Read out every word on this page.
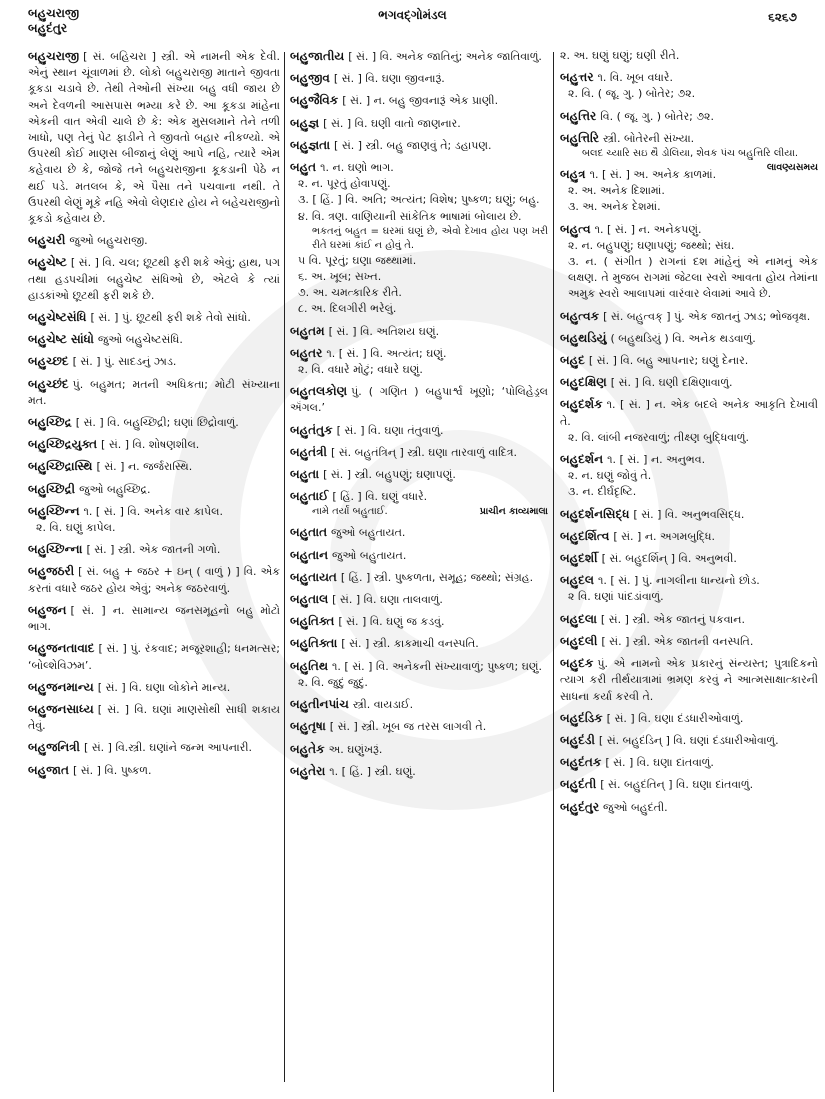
બહુચરાજી
બહુદંતુર
ભગવદ્ગોમંડલ	૬૨૬૭
બહુચરાજી [ સં. બહિચરા ] સ્ત્રી. એ નામની એક દેવી. એનું સ્થાન ચૂંવાળમાં છે. લોકો બહુચરાજી માતાને જીવતા કૂકડા ચડાવે છે. તેથી તેઓની સંખ્યા બહુ વધી જાય છે અને દેવળની આસપાસ ભમ્યા કરે છે. આ કૂકડા માંહેના એકની વાત એવી ચાલે છે કે: એક મુસલમાને તેને તળી ખાધો, પણ તેનું પેટ ફાડીને તે જીવતો બહાર નીકળ્યો. એ ઉપરથી કોઈ માણસ બીજાનું લેણું આપે નહિ, ત્યારે એમ કહેવાય છે કે, જોજે તને બહુચરાજીના કૂકડાની પેઠે ન થઈ પડે. મતલબ કે, એ પૈસા તને પચવાના નથી. તે ઉપરથી લેણું મૂકે નહિ એવો લેણદાર હોય ને બહેચરાજીનો કૂકડો કહેવાય છે.
બહુચરી જુઓ બહુચરાજી.
બહુચેષ્ટ [ સં. ] વિ. ચલ; છૂટથી ફરી શકે એવું; હાથ, પગ તથા હડપચીમાં બહુચેષ્ટ સંધિઓ છે, એટલે કે ત્યાં હાડકાંઓ છૂટથી ફરી શકે છે.
બહુચેષ્ટસંધિ [ સં. ] પું. છૂટથી ફરી શકે તેવો સાંધો.
બહુચેષ્ટ સાંધો જુઓ બહુચેષ્ટસંધિ.
બહુચ્છદ [ સં. ] પું. સાદડનું ઝાડ.
બહુચ્છંદ પું. બહુમત; મતની અધિકતા; મોટી સંખ્યાના મત.
બહુચ્છિદ્ર [ સં. ] વિ. બહુચ્છિદ્રી; ઘણાં છિદ્રોવાળું.
બહુચ્છિદ્રયુક્ત [ સં. ] વિ. શોષણશીલ.
બહુચ્છિદ્રાસ્થિ [ સં. ] ન. જર્જરાસ્થિ.
બહુચ્છિદ્રી જુઓ બહુચ્છિદ્ર.
બહુચ્છિન્ન ૧. [ સં. ] વિ. અનેક વાર કાપેલ.
૨. વિ. ઘણું કાપેલ.
બહુચ્છિન્ના [ સં. ] સ્ત્રી. એક જાતની ગળો.
બહુજઠરી [ સં. બહુ + જઠર + ઇન્ ( વાળું ) ] વિ. એક કરતાં વધારે જઠર હોય એવું; અનેક જઠરવાળું.
બહુજન [ સં. ] ન. સામાન્ય જનસમૂહનો બહુ મોટો ભાગ.
બહુજનતાવાદ [ સં. ] પું. રંકવાદ; મજૂરશાહી; ધનમત્સર; ‘બોલ્શેવિઝમ’.
બહુજનમાન્ય [ સં. ] વિ. ઘણા લોકોને માન્ય.
બહુજનસાધ્ય [ સં. ] વિ. ઘણાં માણસોથી સાધી શકાય તેવું.
બહુજનિત્રી [ સં. ] વિ.સ્ત્રી. ઘણાંને જન્મ આપનારી.
બહુજાત [ સં. ] વિ. પુષ્કળ.
બહુજાતીય [ સં. ] વિ. અનેક જાતિનું; અનેક જાતિવાળું.
બહુજીવ [ સં. ] વિ. ઘણા જીવનારૂં.
બહુજૈવિક [ સં. ] ન. બહુ જીવનારૂં એક પ્રાણી.
બહુજ્ઞ [ સં. ] વિ. ઘણી વાતો જાણનાર.
બહુજ્ઞતા [ સં. ] સ્ત્રી. બહુ જાણવું તે; ડહાપણ.
બહુત ૧. ન. ઘણો ભાગ.
૨. ન. પૂરતું હોવાપણું.
૩. [ હિં. ] વિ. અતિ; અત્યંત; વિશેષ; પુષ્કળ; ઘણું; બહુ.
૪. વિ. ત્રણ. વાણિયાની સાંકેતિક ભાષામાં બોલાય છે.
ભકતનું બહુત = ઘરમાં ઘણું છે, એવો દેખાવ હોય પણ ખરી રીતે ઘરમાં કાંઈ ન હોવું તે.
૫ વિ. પૂરતું; ઘણા જથ્થામાં.
૬. અ. ખૂબ; સખ્ત.
૭. અ. ચમત્કારિક રીતે.
૮. અ. દિલગીરી ભરેલું.
બહુતમ [ સં. ] વિ. અતિશય ઘણું.
બહુતર ૧. [ સં. ] વિ. અત્યંત; ઘણું.
૨. વિ. વધારે મોટું; વધારે ઘણું.
બહુતલકોણ પું. ( ગણિત ) બહુપાર્શ્વ ખૂણો; ‘પોલિહેડ્રલ ઍંગલ.’
બહુતંતુક [ સં. ] વિ. ઘણા તંતુવાળું.
બહુતંત્રી [ સં. બહુતંત્રિન્ ] સ્ત્રી. ઘણા તારવાળું વાદિત્ર.
બહુતા [ સં. ] સ્ત્રી. બહુપણું; ઘણાપણું.
બહુતાઈ [ હિં. ] વિ. ઘણું વધારે.
નામે તર્યાં બહુતાઈ.	પ્રાચીન કાવ્યમાલા
બહુતાત જુઓ બહુતાયત.
બહુતાન જુઓ બહુતાયત.
બહુતાયત [ હિં. ] સ્ત્રી. પુષ્કળતા, સમૂહ; જથ્થો; સંગ્રહ.
બહુતાલ [ સં. ] વિ. ઘણા તાલવાળું.
બહુતિક્ત [ સં. ] વિ. ઘણું જ કડવું.
બહુતિક્તા [ સં. ] સ્ત્રી. કાકમાચી વનસ્પતિ.
બહુતિથ ૧. [ સં. ] વિ. અનેકની સંખ્યાવાળું; પુષ્કળ; ઘણું.
૨. વિ. જુદું જુદું.
બહુતીનપાંચ સ્ત્રી. વાયડાઈ.
બહુતૃષા [ સં. ] સ્ત્રી. ખૂબ જ તરસ લાગવી તે.
બહુતેક અ. ઘણુંખરૂં.
બહુતેરા ૧. [ હિં. ] સ્ત્રી. ઘણું.
૨. અ. ઘણું ઘણું; ઘણી રીતે.
બહુત્તર ૧. વિ. ખૂબ વધારે.
૨. વિ. ( જૂ. ગુ. ) બોતેર; ૭૨.
બહુત્તિર વિ. ( જૂ. ગુ. ) બોતેર; ૭૨.
બહુત્તિરિ સ્ત્રી. બોતેરની સંખ્યા.
બલદ ચ્યારિ સઇ થૈ ડોલિયા, શેવક પંચ બહુત્તિરિ લીયા.
લાવણ્યસમય
બહુત્ર ૧. [ સં. ] અ. અનેક કાળમાં.
૨. અ. અનેક દિશામાં.
૩. અ. અનેક દેશમાં.
બહુત્વ ૧. [ સં. ] ન. અનેકપણું.
૨. ન. બહુપણું; ઘણાપણું; જથ્થો; સંઘ.
૩. ન. ( સંગીત ) રાગનાં દશ માંહેનું એ નામનું એક લક્ષણ. તે મુજબ રાગમાં જેટલા સ્વરો આવતા હોય તેમાંના અમુક સ્વરો આલાપમાં વારંવાર લેવામાં આવે છે.
બહુત્વક [ સં. બહુત્વક્ ] પું. એક જાતનું ઝાડ; ભોજવૃક્ષ.
બહુથડિયું ( બહુથડિયું ) વિ. અનેક થડવાળું.
બહુદ [ સં. ] વિ. બહુ આપનાર; ઘણું દેનાર.
બહુદક્ષિણ [ સં. ] વિ. ઘણી દક્ષિણાવાળું.
બહુદર્શક ૧. [ સં. ] ન. એક બદલે અનેક આકૃતિ દેખાવી તે.
૨. વિ. લાંબી નજરવાળું; તીક્ષ્ણ બુદ્ધિવાળું.
બહુદર્શન ૧. [ સં. ] ન. અનુભવ.
૨. ન. ઘણું જોવું તે.
૩. ન. દીર્ઘદૃષ્ટિ.
બહુદર્શનસિદ્ધ [ સં. ] વિ. અનુભવસિદ્ધ.
બહુદર્શિત્વ [ સં. ] ન. અગમબુદ્ધિ.
બહુદર્શી [ સં. બહુદર્શિન્ ] વિ. અનુભવી.
બહુદલ ૧. [ સં. ] પું. નાગલીના ધાન્યનો છોડ.
૨ વિ. ઘણાં પાંદડાંવાળું.
બહુદલા [ સં. ] સ્ત્રી. એક જાતનું પકવાન.
બહુદલી [ સં. ] સ્ત્રી. એક જાતની વનસ્પતિ.
બહુદક પું. એ નામનો એક પ્રકારનું સંન્યસ્ત; પુત્રાદિકનો ત્યાગ કરી તીર્થયાત્રામાં ભ્રમણ કરવું ને આત્મસાક્ષાત્કારની સાધના કર્યા કરવી તે.
બહુદંડિક [ સં. ] વિ. ઘણા દંડધારીઓવાળું.
બહુદંડી [ સં. બહુદંડિન્ ] વિ. ઘણાં દંડધારીઓવાળું.
બહુદંતક [ સં. ] વિ. ઘણા દાંતવાળું.
બહુદંતી [ સં. બહુદંતિન્ ] વિ. ઘણા દાંતવાળું.
બહુદંતુર જુઓ બહુદંતી.
